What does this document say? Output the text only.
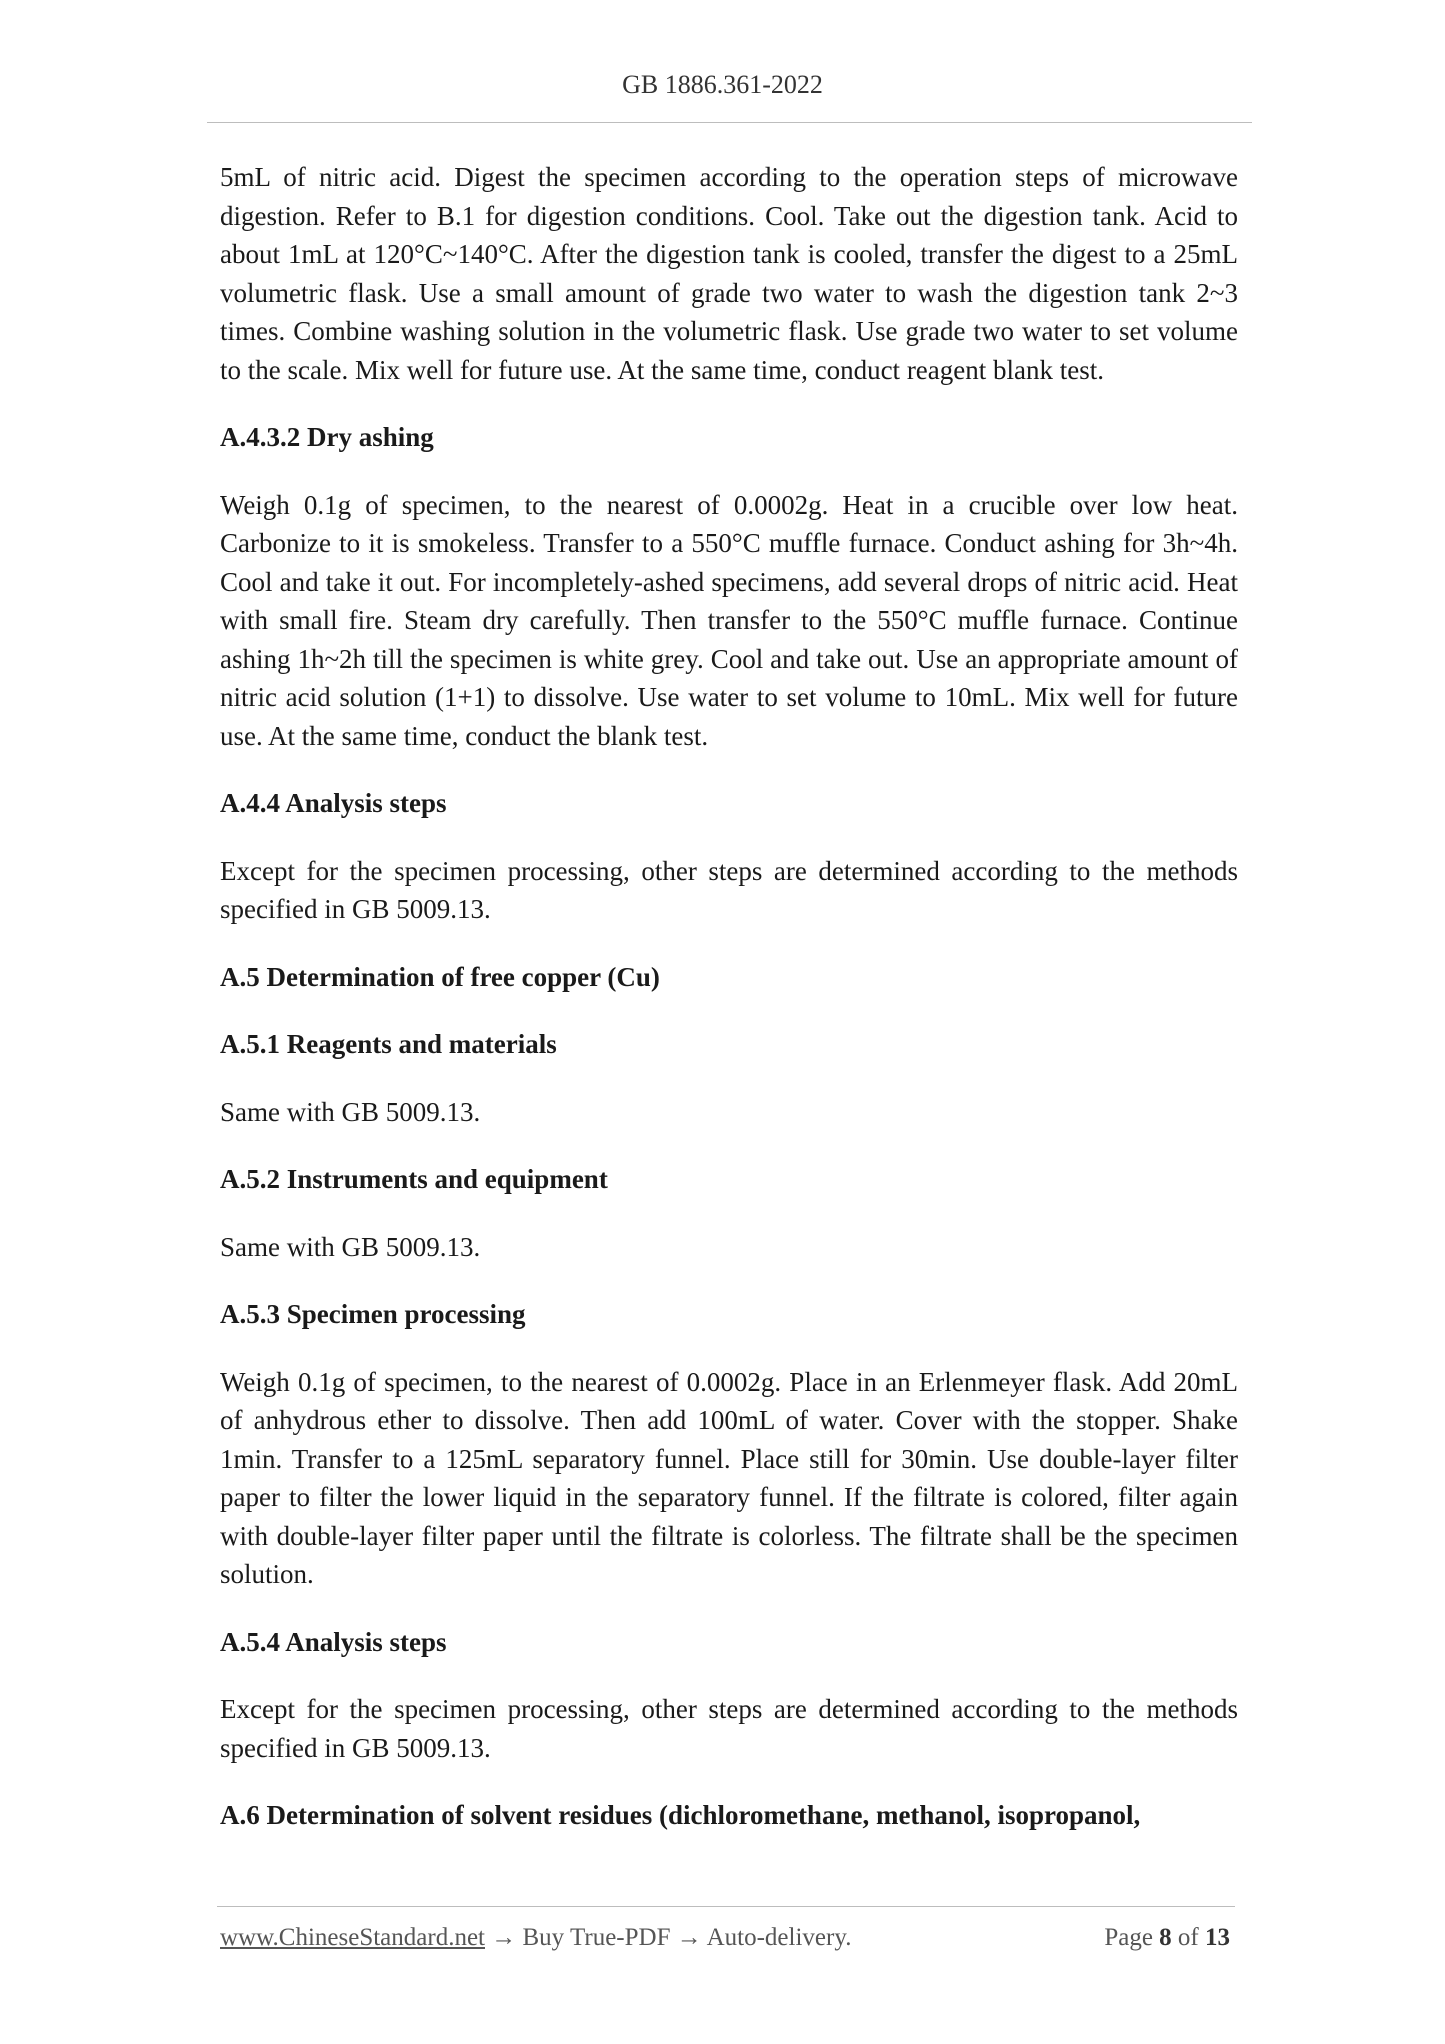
GB 1886.361-2022

5mL of nitric acid. Digest the specimen according to the operation steps of microwave digestion. Refer to B.1 for digestion conditions. Cool. Take out the digestion tank. Acid to about 1mL at 120°C~140°C. After the digestion tank is cooled, transfer the digest to a 25mL volumetric flask. Use a small amount of grade two water to wash the digestion tank 2~3 times. Combine washing solution in the volumetric flask. Use grade two water to set volume to the scale. Mix well for future use. At the same time, conduct reagent blank test.

A.4.3.2 Dry ashing

Weigh 0.1g of specimen, to the nearest of 0.0002g. Heat in a crucible over low heat. Carbonize to it is smokeless. Transfer to a 550°C muffle furnace. Conduct ashing for 3h~4h. Cool and take it out. For incompletely-ashed specimens, add several drops of nitric acid. Heat with small fire. Steam dry carefully. Then transfer to the 550°C muffle furnace. Continue ashing 1h~2h till the specimen is white grey. Cool and take out. Use an appropriate amount of nitric acid solution (1+1) to dissolve. Use water to set volume to 10mL. Mix well for future use. At the same time, conduct the blank test.

A.4.4 Analysis steps

Except for the specimen processing, other steps are determined according to the methods specified in GB 5009.13.

A.5 Determination of free copper (Cu)
A.5.1 Reagents and materials

Same with GB 5009.13.

A.5.2 Instruments and equipment

Same with GB 5009.13.

A.5.3 Specimen processing

Weigh 0.1g of specimen, to the nearest of 0.0002g. Place in an Erlenmeyer flask. Add 20mL of anhydrous ether to dissolve. Then add 100mL of water. Cover with the stopper. Shake 1min. Transfer to a 125mL separatory funnel. Place still for 30min. Use double-layer filter paper to filter the lower liquid in the separatory funnel. If the filtrate is colored, filter again with double-layer filter paper until the filtrate is colorless. The filtrate shall be the specimen solution.

A.5.4 Analysis steps

Except for the specimen processing, other steps are determined according to the methods specified in GB 5009.13.

A.6 Determination of solvent residues (dichloromethane, methanol, isopropanol,
www.ChineseStandard.net → Buy True-PDF → Auto-delivery.	Page 8 of 13
